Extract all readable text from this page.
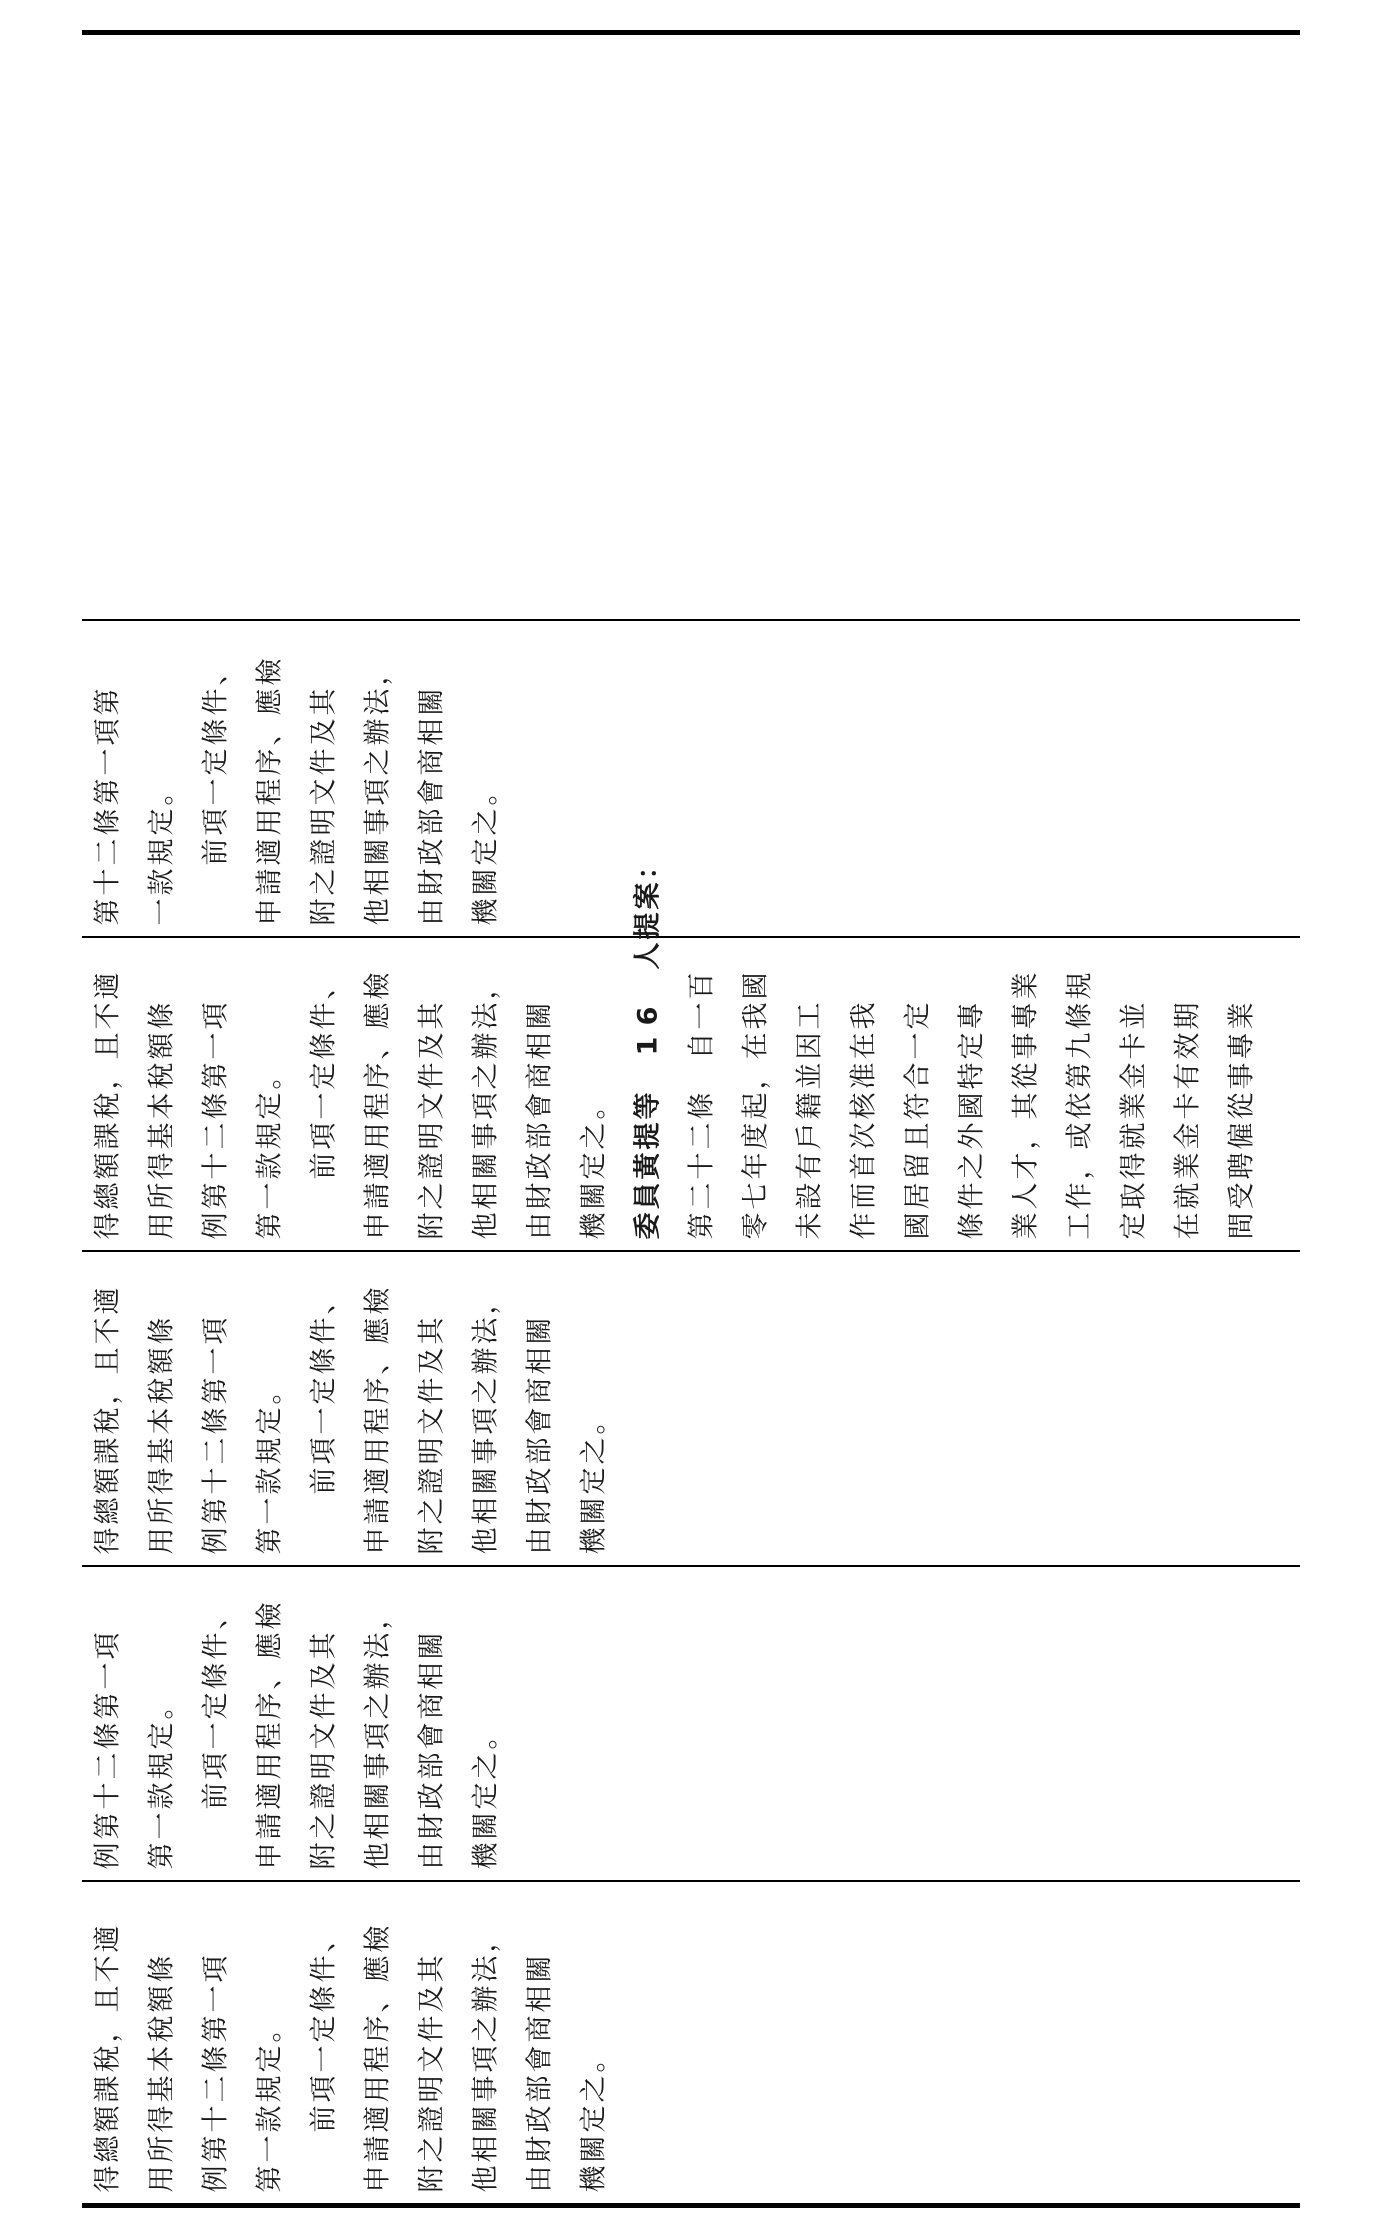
第
十
二
條
第
一
項
第
一
款
規
定
。

前
項
一
定
條
件
、
申
請
適
用
程
序
、
應
檢
附
之
證
明
文
件
及
其
他
相
關
事
項
之
辦
法
，
由
財
政
部
會
商
相
關
機
關
定
之
。
得
總
額
課
稅
，
且
不
適
用
所
得
基
本
稅
額
條
例
第
十
二
條
第
一
項
第
一
款
規
定
。

前
項
一
定
條
件
、
申
請
適
用
程
序
、
應
檢
附
之
證
明
文
件
及
其
他
相
關
事
項
之
辦
法
，
由
財
政
部
會
商
相
關
機
關
定
之
。
委
員
黃
提
等

1
6

人
提
案
：
第
二
十
二
條

自
一
百
零
七
年
度
起
，
在
我
國
未
設
有
戶
籍
並
因
工
作
而
首
次
核
准
在
我
國
居
留
且
符
合
一
定
條
件
之
外
國
特
定
專
業
人
才
，
其
從
事
專
業
工
作
，
或
依
第
九
條
規
定
取
得
就
業
金
卡
並
在
就
業
金
卡
有
效
期
間
受
聘
僱
從
事
專
業
得
總
額
課
稅
，
且
不
適
用
所
得
基
本
稅
額
條
例
第
十
二
條
第
一
項
第
一
款
規
定
。

前
項
一
定
條
件
、
申
請
適
用
程
序
、
應
檢
附
之
證
明
文
件
及
其
他
相
關
事
項
之
辦
法
，
由
財
政
部
會
商
相
關
機
關
定
之
。
例
第
十
二
條
第
一
項
第
一
款
規
定
。

前
項
一
定
條
件
、
申
請
適
用
程
序
、
應
檢
附
之
證
明
文
件
及
其
他
相
關
事
項
之
辦
法
，
由
財
政
部
會
商
相
關
機
關
定
之
。
得
總
額
課
稅
，
且
不
適
用
所
得
基
本
稅
額
條
例
第
十
二
條
第
一
項
第
一
款
規
定
。

前
項
一
定
條
件
、
申
請
適
用
程
序
、
應
檢
附
之
證
明
文
件
及
其
他
相
關
事
項
之
辦
法
，
由
財
政
部
會
商
相
關
機
關
定
之
。
